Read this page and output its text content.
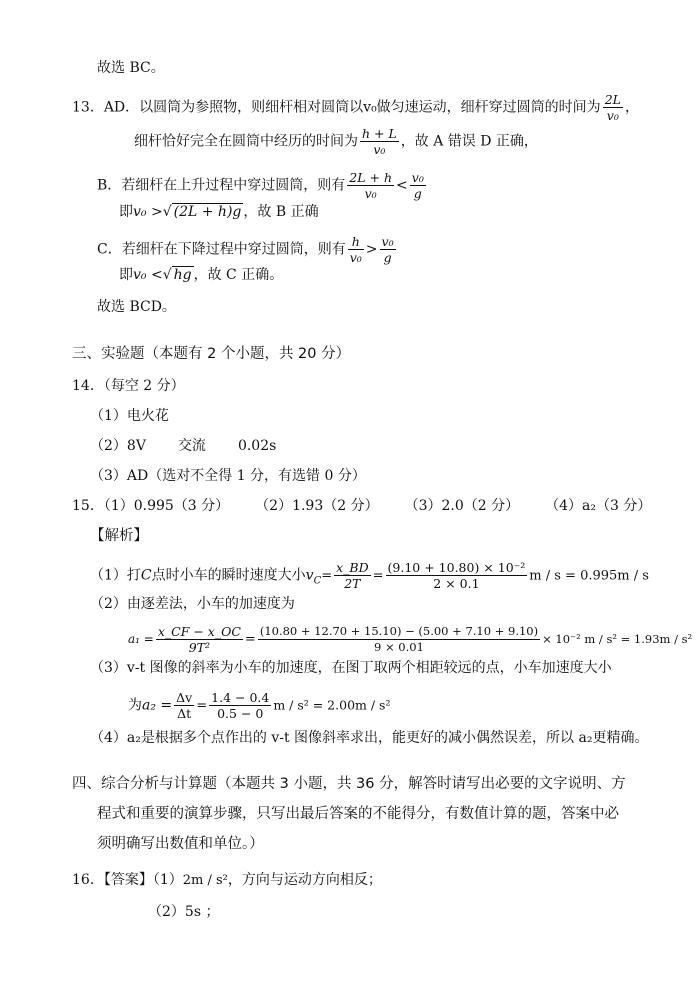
故选 BC。
13．AD．以圆筒为参照物，则细杆相对圆筒以v₀做匀速运动，细杆穿过圆筒的时间为 $\frac{2L}{\text{v₀}}$ ，
细杆恰好完全在圆筒中经历的时间为 $\frac{h + L}{\text{v₀}}$ ，故 A 错误 D 正确，
B．若细杆在上升过程中穿过圆筒，则有 $\frac{2L + h}{\text{v₀}} < \frac{\text{v₀}}{g}$
即v₀ >√ (2L + h)g ，故 B 正确
C．若细杆在下降过程中穿过圆筒，则有 $\frac{h}{\text{v₀}} > \frac{\text{v₀}}{g}$
即v₀ <√ hg ，故 C 正确。
故选 BCD。
三、实验题（本题有 2 个小题，共 20 分）
14．（每空 2 分）
（1）电火花
（2）8V 交流 0.02s
（3）AD（选对不全得 1 分，有选错 0 分）
15．（1）0.995（3 分） （2）1.93（2 分） （3）2.0（2 分） （4）a₂（3 分）
【解析】
（1）打C点时小车的瞬时速度大小$v_C= \frac{x\_BD}{2T} = \frac{\text{(9.10 + 10.80) × 10⁻²}}{2 \times 0.1}$ m / s = 0.995m / s
（2）由逐差法，小车的加速度为
$a_1 = \frac{x\_CF - x\_OC}{\text{9T²}} = \frac{(10.80 + 12.70 + 15.10) - (5.00 + 7.10 + 9.10)}{9 \times 0.01} \times 10^{-2}$ m / s² = 1.93m / s²
（3）v-t 图像的斜率为小车的加速度，在图丁取两个相距较远的点，小车加速度大小
为$a_2 = \frac{\Delta v}{\Delta t} = \frac{1.4 - 0.4}{0.5 - 0}$ m / s² = 2.00m / s²
（4）a₂是根据多个点作出的 v-t 图像斜率求出，能更好的减小偶然误差，所以 a₂更精确。
四、综合分析与计算题（本题共 3 小题，共 36 分，解答时请写出必要的文字说明、方
程式和重要的演算步骤，只写出最后答案的不能得分，有数值计算的题，答案中必
须明确写出数值和单位。）
16．【答案】（1）2m / s²，方向与运动方向相反；
（2）5s ；
